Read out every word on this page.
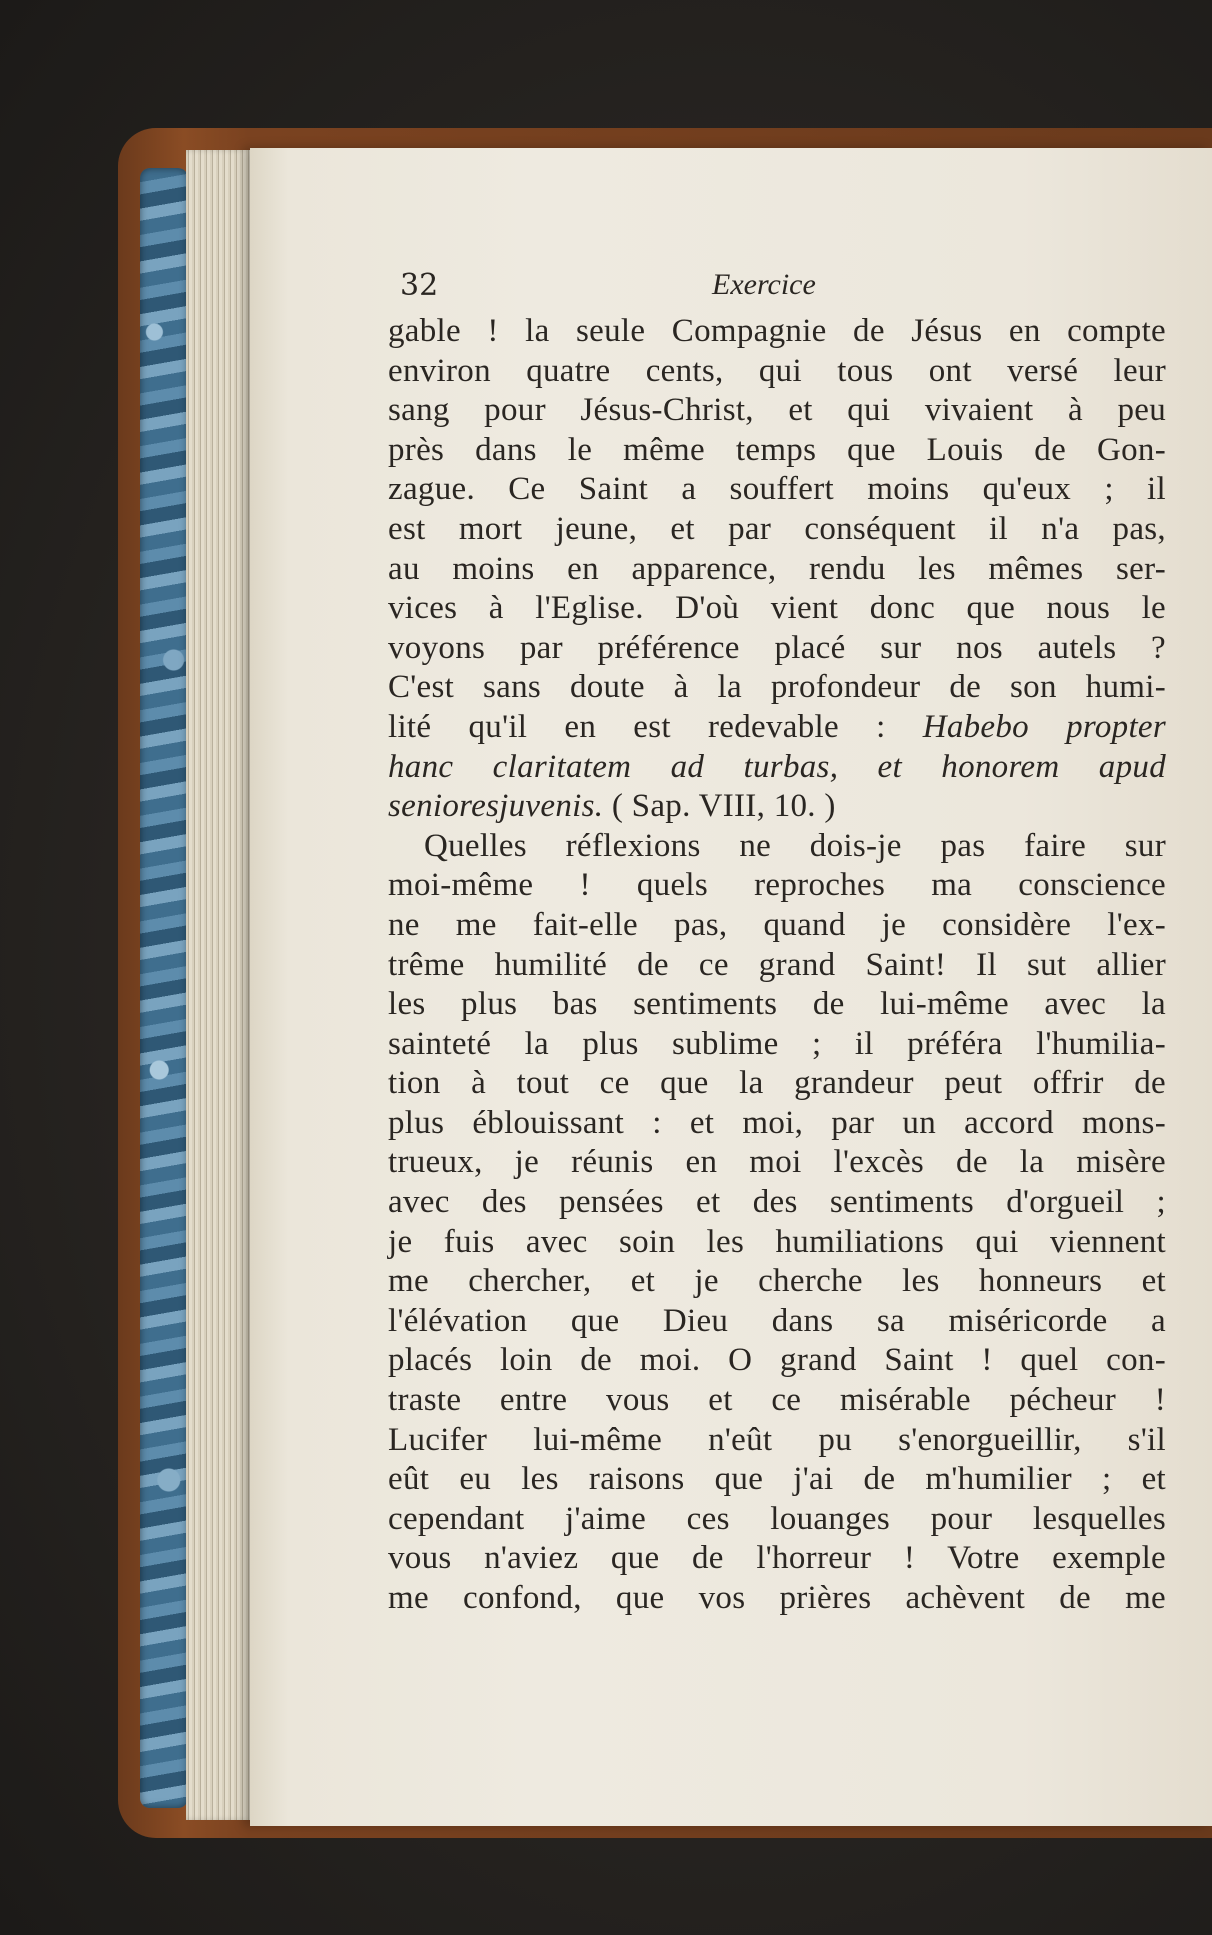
32	Exercice
gable ! la seule Compagnie de Jésus en compte
environ quatre cents, qui tous ont versé leur
sang pour Jésus-Christ, et qui vivaient à peu
près dans le même temps que Louis de Gon-
zague. Ce Saint a souffert moins qu'eux ; il
est mort jeune, et par conséquent il n'a pas,
au moins en apparence, rendu les mêmes ser-
vices à l'Eglise. D'où vient donc que nous le
voyons par préférence placé sur nos autels ?
C'est sans doute à la profondeur de son humi-
lité qu'il en est redevable : Habebo propter
hanc claritatem ad turbas, et honorem apud
senioresjuvenis. ( Sap. VIII, 10. )
Quelles réflexions ne dois-je pas faire sur
moi-même ! quels reproches ma conscience
ne me fait-elle pas, quand je considère l'ex-
trême humilité de ce grand Saint! Il sut allier
les plus bas sentiments de lui-même avec la
sainteté la plus sublime ; il préféra l'humilia-
tion à tout ce que la grandeur peut offrir de
plus éblouissant : et moi, par un accord mons-
trueux, je réunis en moi l'excès de la misère
avec des pensées et des sentiments d'orgueil ;
je fuis avec soin les humiliations qui viennent
me chercher, et je cherche les honneurs et
l'élévation que Dieu dans sa miséricorde a
placés loin de moi. O grand Saint ! quel con-
traste entre vous et ce misérable pécheur !
Lucifer lui-même n'eût pu s'enorgueillir, s'il
eût eu les raisons que j'ai de m'humilier ; et
cependant j'aime ces louanges pour lesquelles
vous n'aviez que de l'horreur ! Votre exemple
me confond, que vos prières achèvent de me
